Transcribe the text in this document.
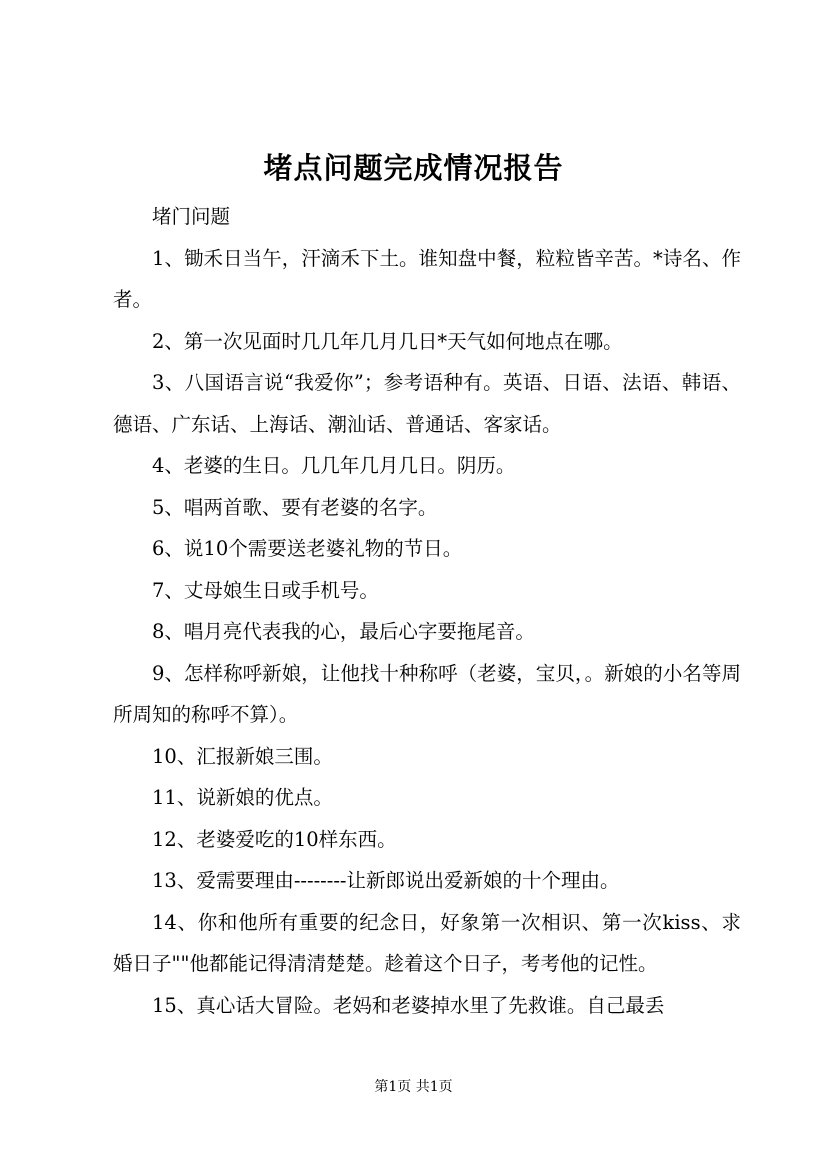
堵点问题完成情况报告

堵门问题

1、锄禾日当午，汗滴禾下土。谁知盘中餐，粒粒皆辛苦。*诗名、作者。

2、第一次见面时几几年几月几日*天气如何地点在哪。

3、八国语言说“我爱你”；参考语种有。英语、日语、法语、韩语、德语、广东话、上海话、潮汕话、普通话、客家话。

4、老婆的生日。几几年几月几日。阴历。

5、唱两首歌、要有老婆的名字。

6、说10个需要送老婆礼物的节日。

7、丈母娘生日或手机号。

8、唱月亮代表我的心，最后心字要拖尾音。

9、怎样称呼新娘，让他找十种称呼（老婆，宝贝，。新娘的小名等周所周知的称呼不算）。

10、汇报新娘三围。

11、说新娘的优点。

12、老婆爱吃的10样东西。

13、爱需要理由--------让新郎说出爱新娘的十个理由。

14、你和他所有重要的纪念日，好象第一次相识、第一次kiss、求婚日子""他都能记得清清楚楚。趁着这个日子，考考他的记性。

15、真心话大冒险。老妈和老婆掉水里了先救谁。自己最丢

第1页 共1页
